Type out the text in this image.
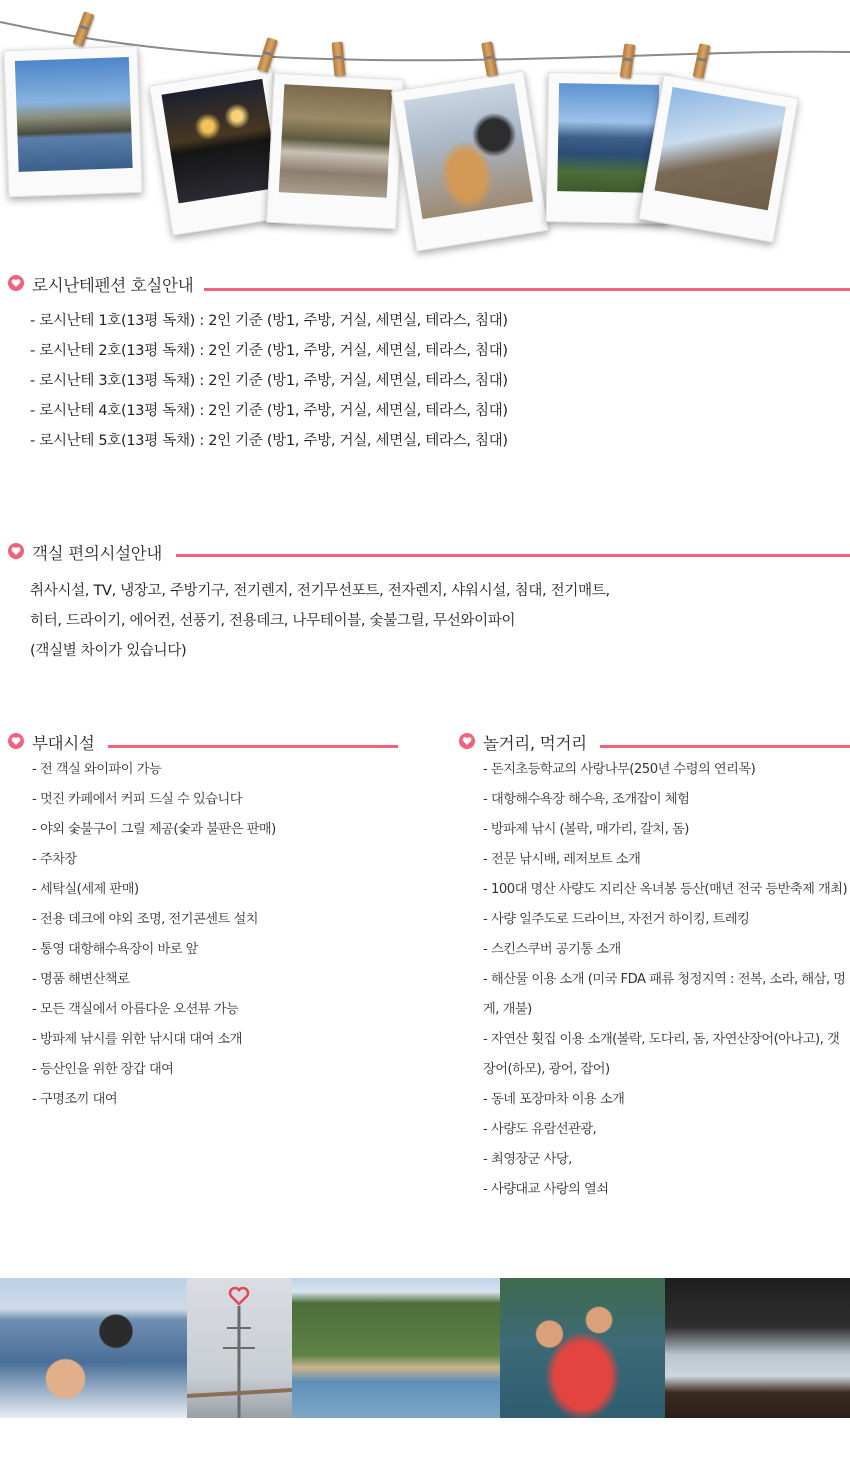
로시난테펜션 호실안내
- 로시난테 1호(13평 독채) : 2인 기준 (방1, 주방, 거실, 세면실, 테라스, 침대)
- 로시난테 2호(13평 독채) : 2인 기준 (방1, 주방, 거실, 세면실, 테라스, 침대)
- 로시난테 3호(13평 독채) : 2인 기준 (방1, 주방, 거실, 세면실, 테라스, 침대)
- 로시난테 4호(13평 독채) : 2인 기준 (방1, 주방, 거실, 세면실, 테라스, 침대)
- 로시난테 5호(13평 독채) : 2인 기준 (방1, 주방, 거실, 세면실, 테라스, 침대)
객실 편의시설안내
취사시설, TV, 냉장고, 주방기구, 전기렌지, 전기무선포트, 전자렌지, 샤워시설, 침대, 전기매트,
히터, 드라이기, 에어컨, 선풍기, 전용데크, 나무테이블, 숯불그릴, 무선와이파이
(객실별 차이가 있습니다)
부대시설
- 전 객실 와이파이 가능
- 멋진 카페에서 커피 드실 수 있습니다
- 야외 숯불구이 그릴 제공(숯과 불판은 판매)
- 주차장
- 세탁실(세제 판매)
- 전용 데크에 야외 조명, 전기콘센트 설치
- 통영 대항해수욕장이 바로 앞
- 명품 해변산책로
- 모든 객실에서 아름다운 오션뷰 가능
- 방파제 낚시를 위한 낚시대 대여 소개
- 등산인을 위한 장갑 대여
- 구명조끼 대여
놀거리, 먹거리
- 돈지초등학교의 사랑나무(250년 수령의 연리목)
- 대항해수욕장 해수욕, 조개잡이 체험
- 방파제 낚시 (볼락, 매가리, 갈치, 돔)
- 전문 낚시배, 레저보트 소개
- 100대 명산 사량도 지리산 옥녀봉 등산(매년 전국 등반축제 개최)
- 사량 일주도로 드라이브, 자전거 하이킹, 트레킹
- 스킨스쿠버 공기통 소개
- 해산물 이용 소개 (미국 FDA 패류 청정지역 : 전복, 소라, 해삼, 멍게, 개불)
- 자연산 횟집 이용 소개(볼락, 도다리, 돔, 자연산장어(아나고), 갯장어(하모), 광어, 잡어)
- 동네 포장마차 이용 소개
- 사량도 유람선관광,
- 최영장군 사당,
- 사량대교 사랑의 열쇠
